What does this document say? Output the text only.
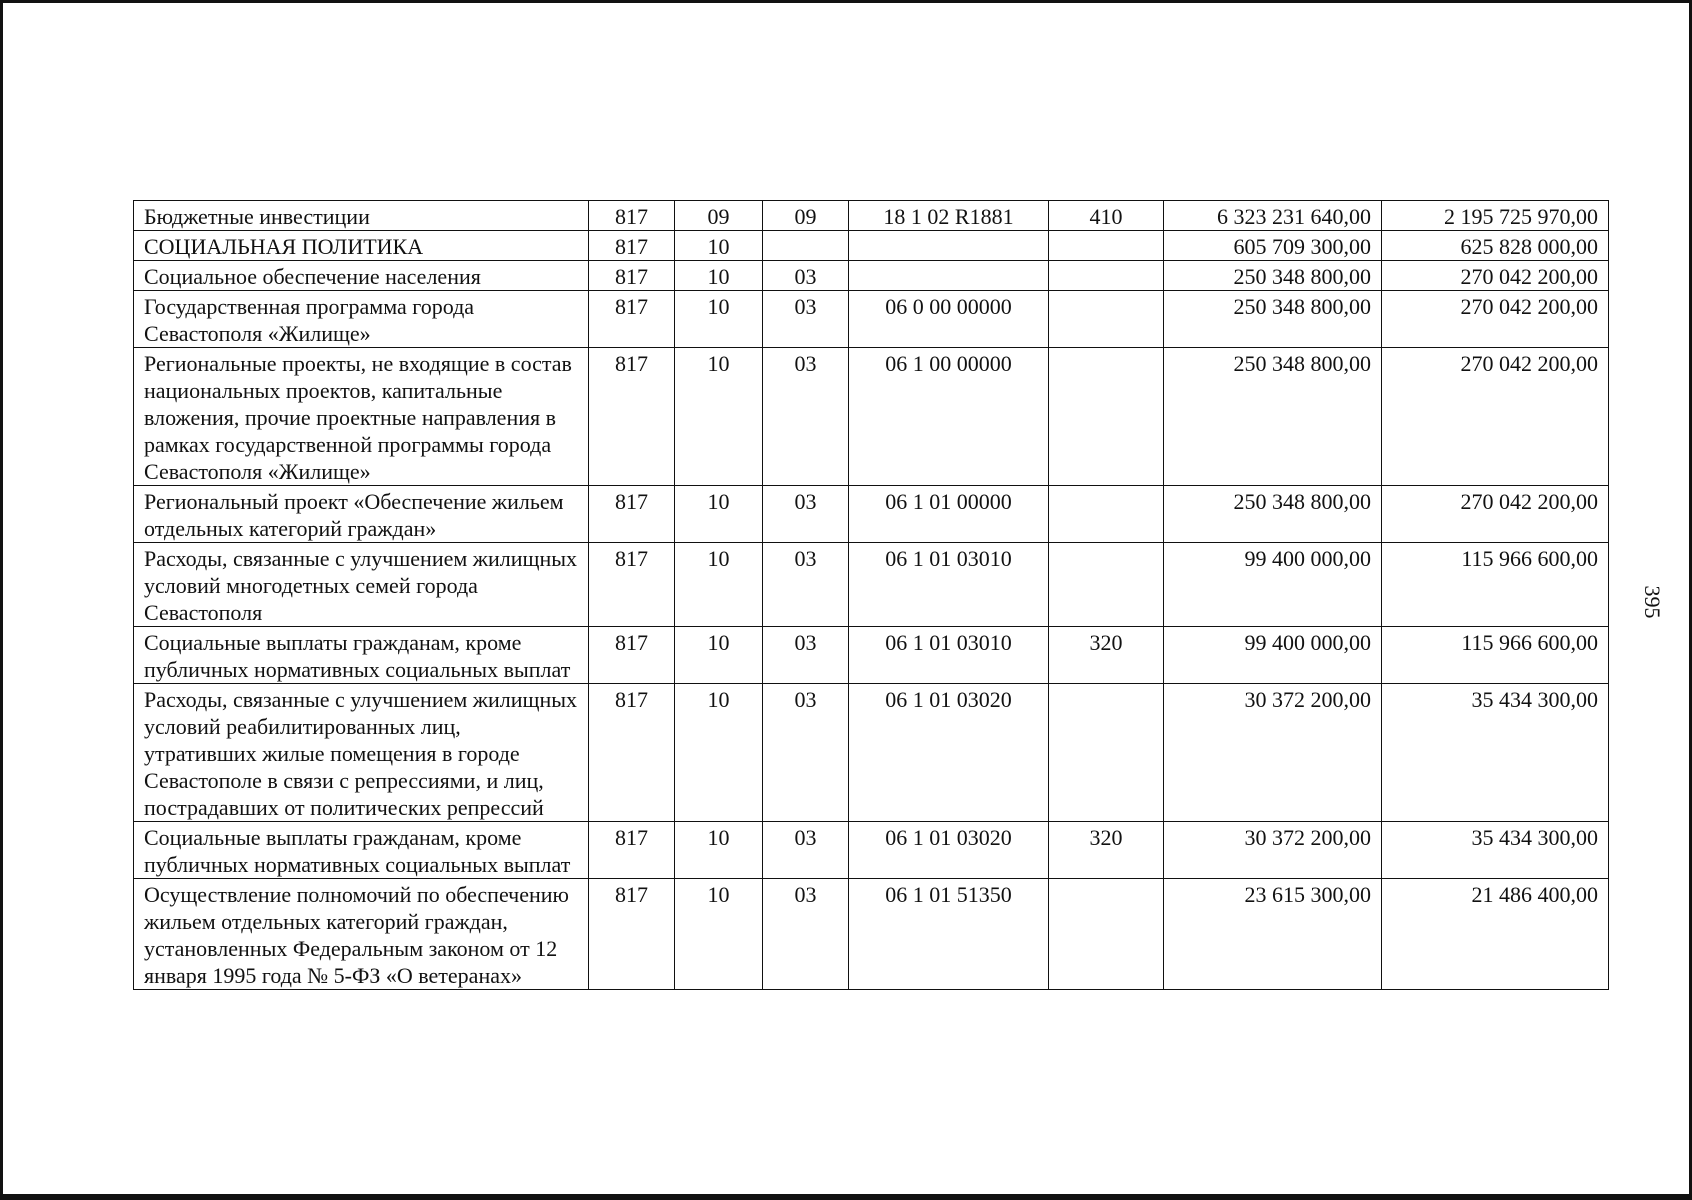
395
Бюджетные инвестиции	817	09	09	18 1 02 R1881	410	6 323 231 640,00	2 195 725 970,00
СОЦИАЛЬНАЯ ПОЛИТИКА	817	10				605 709 300,00	625 828 000,00
Социальное обеспечение населения	817	10	03			250 348 800,00	270 042 200,00
Государственная программа города Севастополя «Жилище»	817	10	03	06 0 00 00000		250 348 800,00	270 042 200,00
Региональные проекты, не входящие в состав национальных проектов, капитальные вложения, прочие проектные направления в рамках государственной программы города Севастополя «Жилище»	817	10	03	06 1 00 00000		250 348 800,00	270 042 200,00
Региональный проект «Обеспечение жильем отдельных категорий граждан»	817	10	03	06 1 01 00000		250 348 800,00	270 042 200,00
Расходы, связанные с улучшением жилищных условий многодетных семей города Севастополя	817	10	03	06 1 01 03010		99 400 000,00	115 966 600,00
Социальные выплаты гражданам, кроме публичных нормативных социальных выплат	817	10	03	06 1 01 03010	320	99 400 000,00	115 966 600,00
Расходы, связанные с улучшением жилищных условий реабилитированных лиц, утративших жилые помещения в городе Севастополе в связи с репрессиями, и лиц, пострадавших от политических репрессий	817	10	03	06 1 01 03020		30 372 200,00	35 434 300,00
Социальные выплаты гражданам, кроме публичных нормативных социальных выплат	817	10	03	06 1 01 03020	320	30 372 200,00	35 434 300,00
Осуществление полномочий по обеспечению жильем отдельных категорий граждан, установленных Федеральным законом от 12 января 1995 года № 5-ФЗ «О ветеранах»	817	10	03	06 1 01 51350		23 615 300,00	21 486 400,00
